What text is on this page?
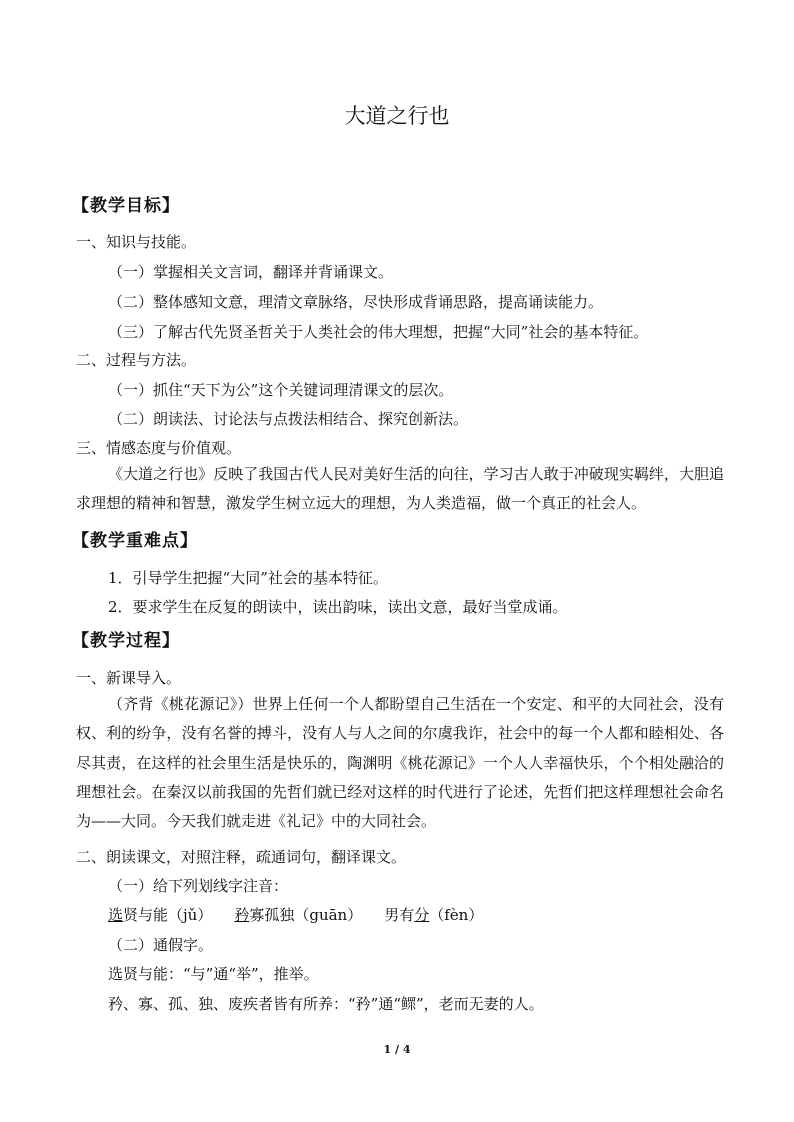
大道之行也
【教学目标】
一、知识与技能。
（一）掌握相关文言词，翻译并背诵课文。
（二）整体感知文意，理清文章脉络，尽快形成背诵思路，提高诵读能力。
（三）了解古代先贤圣哲关于人类社会的伟大理想，把握“大同”社会的基本特征。
二、过程与方法。
（一）抓住“天下为公”这个关键词理清课文的层次。
（二）朗读法、讨论法与点拨法相结合、探究创新法。
三、情感态度与价值观。
《大道之行也》反映了我国古代人民对美好生活的向往，学习古人敢于冲破现实羁绊，大胆追求理想的精神和智慧，激发学生树立远大的理想，为人类造福，做一个真正的社会人。
【教学重难点】
1．引导学生把握“大同”社会的基本特征。
2．要求学生在反复的朗读中，读出韵味，读出文意，最好当堂成诵。
【教学过程】
一、新课导入。
（齐背《桃花源记》）世界上任何一个人都盼望自己生活在一个安定、和平的大同社会，没有权、利的纷争，没有名誉的搏斗，没有人与人之间的尔虞我诈，社会中的每一个人都和睦相处、各尽其责，在这样的社会里生活是快乐的，陶渊明《桃花源记》一个人人幸福快乐，个个相处融洽的理想社会。在秦汉以前我国的先哲们就已经对这样的时代进行了论述，先哲们把这样理想社会命名为——大同。今天我们就走进《礼记》中的大同社会。
二、朗读课文，对照注释，疏通词句，翻译课文。
（一）给下列划线字注音：
选贤与能（jǔ） 矜寡孤独（guān） 男有分（fèn）
（二）通假字。
选贤与能：“与”通“举”，推举。
矜、寡、孤、独、废疾者皆有所养：“矜”通“鳏”，老而无妻的人。
1 / 4
